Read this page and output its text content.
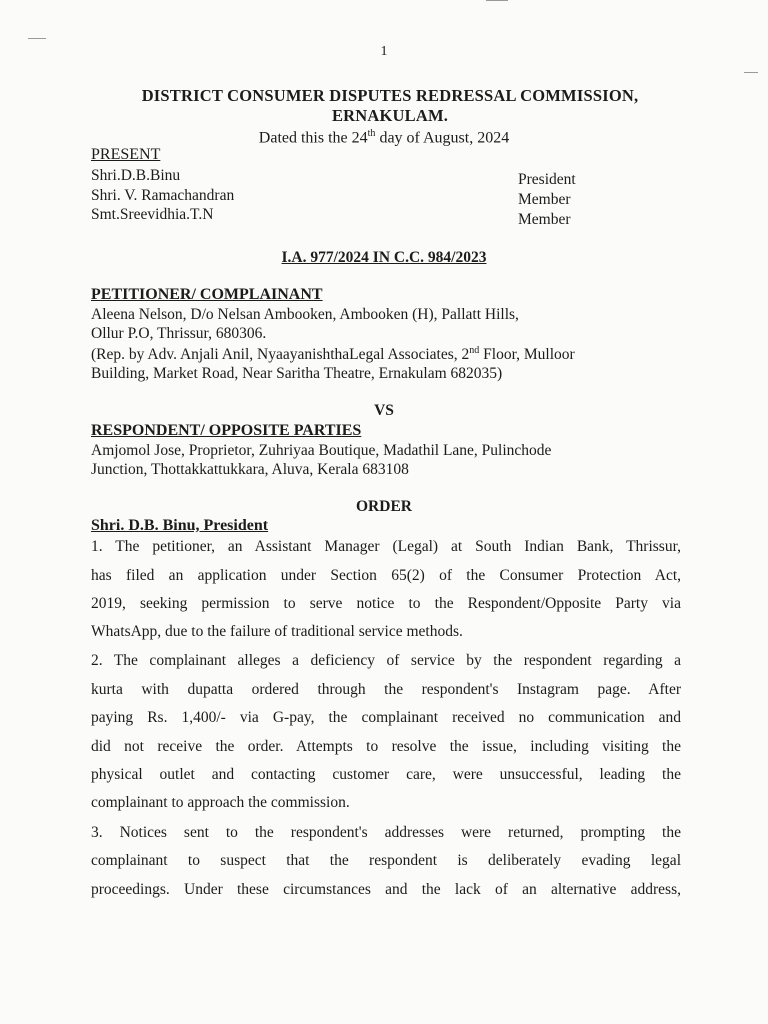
1
DISTRICT CONSUMER DISPUTES REDRESSAL COMMISSION,
ERNAKULAM.
Dated this the 24th day of August, 2024
PRESENT
Shri.D.B.Binu	President
Shri. V. Ramachandran	Member
Smt.Sreevidhia.T.N	Member
I.A. 977/2024 IN C.C. 984/2023
PETITIONER/ COMPLAINANT
Aleena Nelson, D/o Nelsan Ambooken, Ambooken (H), Pallatt Hills,
Ollur P.O, Thrissur, 680306.
(Rep. by Adv. Anjali Anil, NyaayanishthaLegal Associates, 2nd Floor, Mulloor
Building, Market Road, Near Saritha Theatre, Ernakulam 682035)
VS
RESPONDENT/ OPPOSITE PARTIES
Amjomol Jose, Proprietor, Zuhriyaa Boutique, Madathil Lane, Pulinchode
Junction, Thottakkattukkara, Aluva, Kerala 683108
ORDER
Shri. D.B. Binu, President
1. The petitioner, an Assistant Manager (Legal) at South Indian Bank, Thrissur,
has filed an application under Section 65(2) of the Consumer Protection Act,
2019, seeking permission to serve notice to the Respondent/Opposite Party via
WhatsApp, due to the failure of traditional service methods.
2. The complainant alleges a deficiency of service by the respondent regarding a
kurta with dupatta ordered through the respondent's Instagram page. After
paying Rs. 1,400/- via G-pay, the complainant received no communication and
did not receive the order. Attempts to resolve the issue, including visiting the
physical outlet and contacting customer care, were unsuccessful, leading the
complainant to approach the commission.
3. Notices sent to the respondent's addresses were returned, prompting the
complainant to suspect that the respondent is deliberately evading legal
proceedings. Under these circumstances and the lack of an alternative address,
